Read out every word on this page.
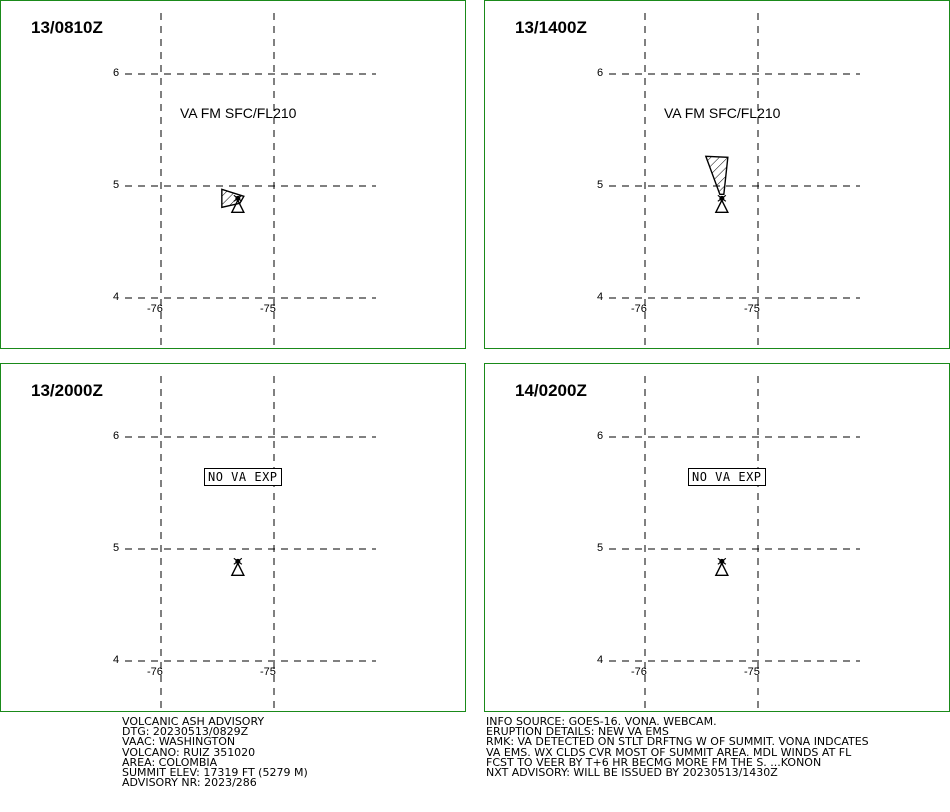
13/0810Z
6
5
4
-76	-75
VA FM SFC/FL210
13/1400Z
6
5
4
-76	-75
VA FM SFC/FL210
13/2000Z
6
5
4
-76	-75
NO VA EXP
14/0200Z
6
5
4
-76	-75
NO VA EXP
VOLCANIC ASH ADVISORY
DTG: 20230513/0829Z
VAAC: WASHINGTON
VOLCANO: RUIZ 351020
AREA: COLOMBIA
SUMMIT ELEV: 17319 FT (5279 M)
ADVISORY NR: 2023/286
INFO SOURCE: GOES-16. VONA. WEBCAM.
ERUPTION DETAILS: NEW VA EMS
RMK: VA DETECTED ON STLT DRFTNG W OF SUMMIT. VONA INDCATES
VA EMS. WX CLDS CVR MOST OF SUMMIT AREA. MDL WINDS AT FL
FCST TO VEER BY T+6 HR BECMG MORE FM THE S. ...KONON
NXT ADVISORY: WILL BE ISSUED BY 20230513/1430Z
